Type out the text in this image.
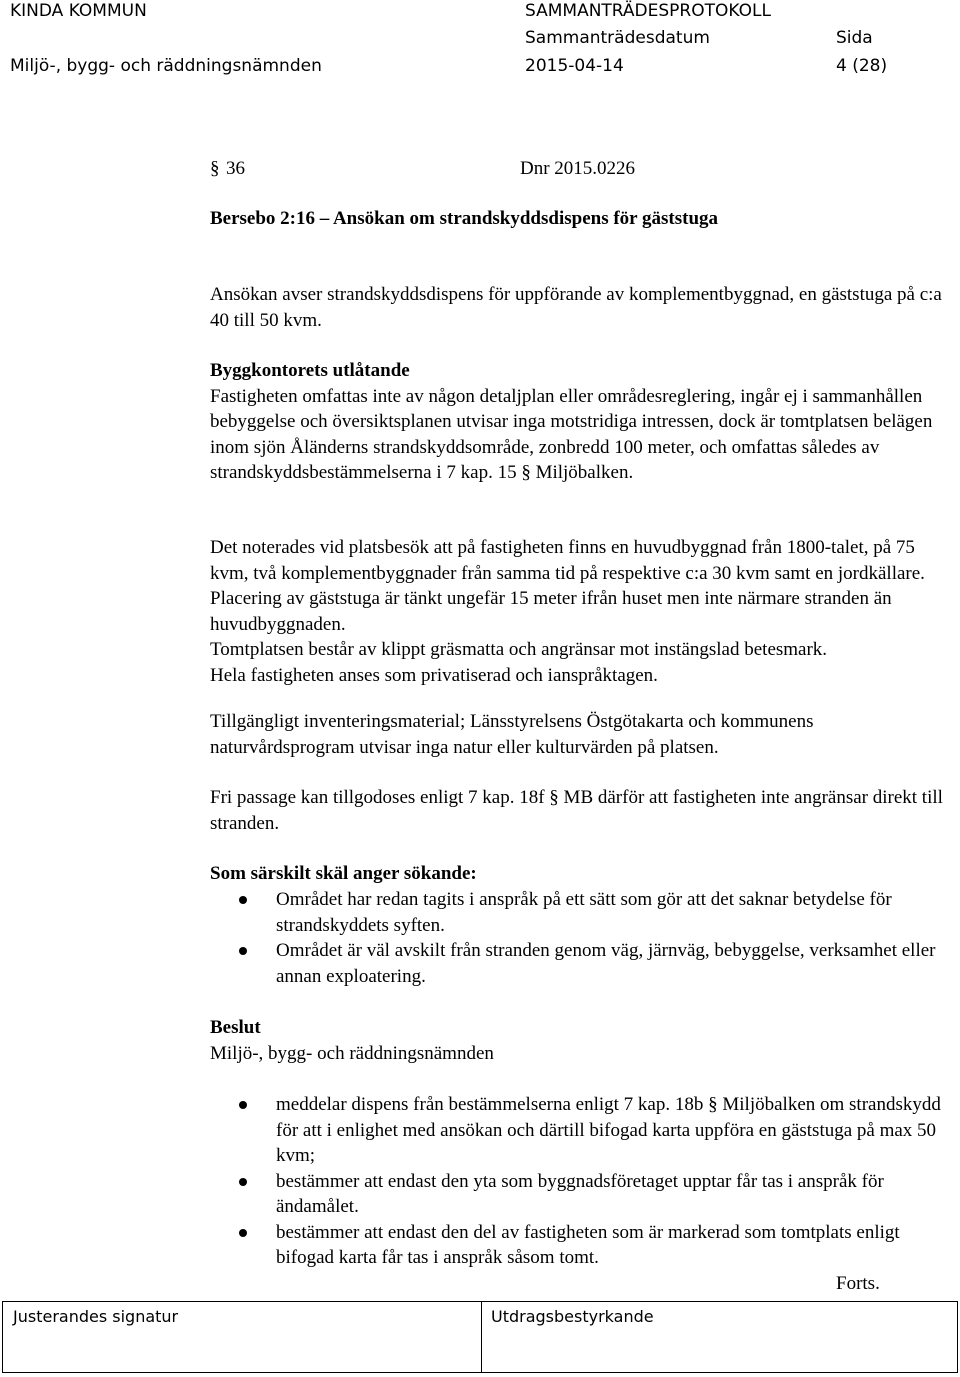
KINDA KOMMUN
Miljö-, bygg- och räddningsnämnden
SAMMANTRÄDESPROTOKOLL
Sammanträdesdatum
2015-04-14
Sida
4 (28)
§ 36	Dnr 2015.0226
Bersebo 2:16 – Ansökan om strandskyddsdispens för gäststuga

Ansökan avser strandskyddsdispens för uppförande av komplementbyggnad, en gäststuga på c:a 40 till 50 kvm.

Byggkontorets utlåtande

Fastigheten omfattas inte av någon detaljplan eller områdesreglering, ingår ej i sammanhållen bebyggelse och översiktsplanen utvisar inga motstridiga intressen, dock är tomtplatsen belägen inom sjön Åländerns strandskyddsområde, zonbredd 100 meter, och omfattas således av strandskyddsbestämmelserna i 7 kap. 15 § Miljöbalken.

Det noterades vid platsbesök att på fastigheten finns en huvudbyggnad från 1800-talet, på 75 kvm, två komplementbyggnader från samma tid på respektive c:a 30 kvm samt en jordkällare. Placering av gäststuga är tänkt ungefär 15 meter ifrån huset men inte närmare stranden än huvudbyggnaden.

Tomtplatsen består av klippt gräsmatta och angränsar mot instängslad betesmark.

Hela fastigheten anses som privatiserad och ianspråktagen.

Tillgängligt inventeringsmaterial; Länsstyrelsens Östgötakarta och kommunens naturvårdsprogram utvisar inga natur eller kulturvärden på platsen.

Fri passage kan tillgodoses enligt 7 kap. 18f § MB därför att fastigheten inte angränsar direkt till stranden.

Som särskilt skäl anger sökande:

Området har redan tagits i anspråk på ett sätt som gör att det saknar betydelse för strandskyddets syften.
Området är väl avskilt från stranden genom väg, järnväg, bebyggelse, verksamhet eller annan exploatering.

Beslut

Miljö-, bygg- och räddningsnämnden

meddelar dispens från bestämmelserna enligt 7 kap. 18b § Miljöbalken om strandskydd för att i enlighet med ansökan och därtill bifogad karta uppföra en gäststuga på max 50 kvm;
bestämmer att endast den yta som byggnadsföretaget upptar får tas i anspråk för ändamålet.
bestämmer att endast den del av fastigheten som är markerad som tomtplats enligt bifogad karta får tas i anspråk såsom tomt.
Forts.
Justerandes signatur	Utdragsbestyrkande
